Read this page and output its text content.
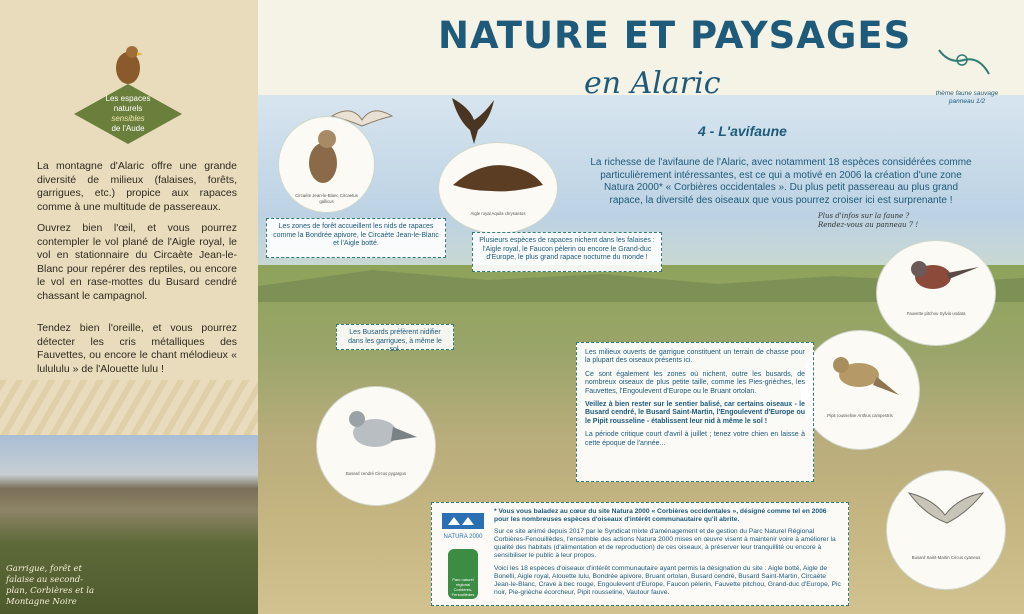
Les espaces
naturels
sensibles
de l'Aude

La montagne d'Alaric offre une grande diversité de milieux (falaises, forêts, garrigues, etc.) propice aux rapaces comme à une multitude de passereaux.

Ouvrez bien l'œil, et vous pourrez contempler le vol plané de l'Aigle royal, le vol en stationnaire du Circaète Jean-le-Blanc pour repérer des reptiles, ou encore le vol en rase-mottes du Busard cendré chassant le campagnol.

Tendez bien l'oreille, et vous pourrez détecter les cris métalliques des Fauvettes, ou encore le chant mélodieux « lulululu » de l'Alouette lulu !

Garrigue, forêt et falaise au second-plan, Corbières et la Montagne Noire
NATURE ET PAYSAGES
en Alaric	thème faune sauvage
panneau 1/2
4 - L'avifaune
La richesse de l'avifaune de l'Alaric, avec notamment 18 espèces considérées comme particulièrement intéressantes, est ce qui a motivé en 2006 la création d'une zone Natura 2000* « Corbières occidentales ». Du plus petit passereau au plus grand rapace, la diversité des oiseaux que vous pourrez croiser ici est surprenante !
Circaète Jean-le-Blanc Circaetus gallicus
Aigle royal Aquila chrysaetos
Fauvette pitchou Sylvia undata
Pipit rousseline Anthus campestris
Busard cendré Circus pygargus
Busard Saint-Martin Circus cyaneus
Les zones de forêt accueillent les nids de rapaces comme la Bondrée apivore, le Circaète Jean-le-Blanc et l'Aigle botté.	Plusieurs espèces de rapaces nichent dans les falaises : l'Aigle royal, le Faucon pèlerin ou encore le Grand-duc d'Europe, le plus grand rapace nocturne du monde !
Les Busards préfèrent nidifier dans les garrigues, à même le sol.	Les milieux ouverts de garrigue constituent un terrain de chasse pour la plupart des oiseaux présents ici.

Ce sont également les zones où nichent, outre les busards, de nombreux oiseaux de plus petite taille, comme les Pies-grièches, les Fauvettes, l'Engoulevent d'Europe ou le Bruant ortolan.

Veillez à bien rester sur le sentier balisé, car certains oiseaux - le Busard cendré, le Busard Saint-Martin, l'Engoulevent d'Europe ou le Pipit rousseline - établissent leur nid à même le sol !

La période critique court d'avril à juillet ; tenez votre chien en laisse à cette époque de l'année...

Plus d'infos sur la faune ? Rendez-vous au panneau 7 !
NATURA 2000
Parc naturel régional Corbières-Fenouillèdes

* Vous vous baladez au cœur du site Natura 2000 « Corbières occidentales », désigné comme tel en 2006 pour les nombreuses espèces d'oiseaux d'intérêt communautaire qu'il abrite.

Sur ce site animé depuis 2017 par le Syndicat mixte d'aménagement et de gestion du Parc Naturel Régional Corbières-Fenouillèdes, l'ensemble des actions Natura 2000 mises en œuvre visent à maintenir voire à améliorer la qualité des habitats (d'alimentation et de reproduction) de ces oiseaux, à préserver leur tranquillité ou encore à sensibiliser le public à leur propos.

Voici les 18 espèces d'oiseaux d'intérêt communautaire ayant permis la désignation du site : Aigle botté, Aigle de Bonelli, Aigle royal, Alouette lulu, Bondrée apivore, Bruant ortolan, Busard cendré, Busard Saint-Martin, Circaète Jean-le-Blanc, Crave à bec rouge, Engoulevent d'Europe, Faucon pèlerin, Fauvette pitchou, Grand-duc d'Europe, Pic noir, Pie-grièche écorcheur, Pipit rousseline, Vautour fauve.
